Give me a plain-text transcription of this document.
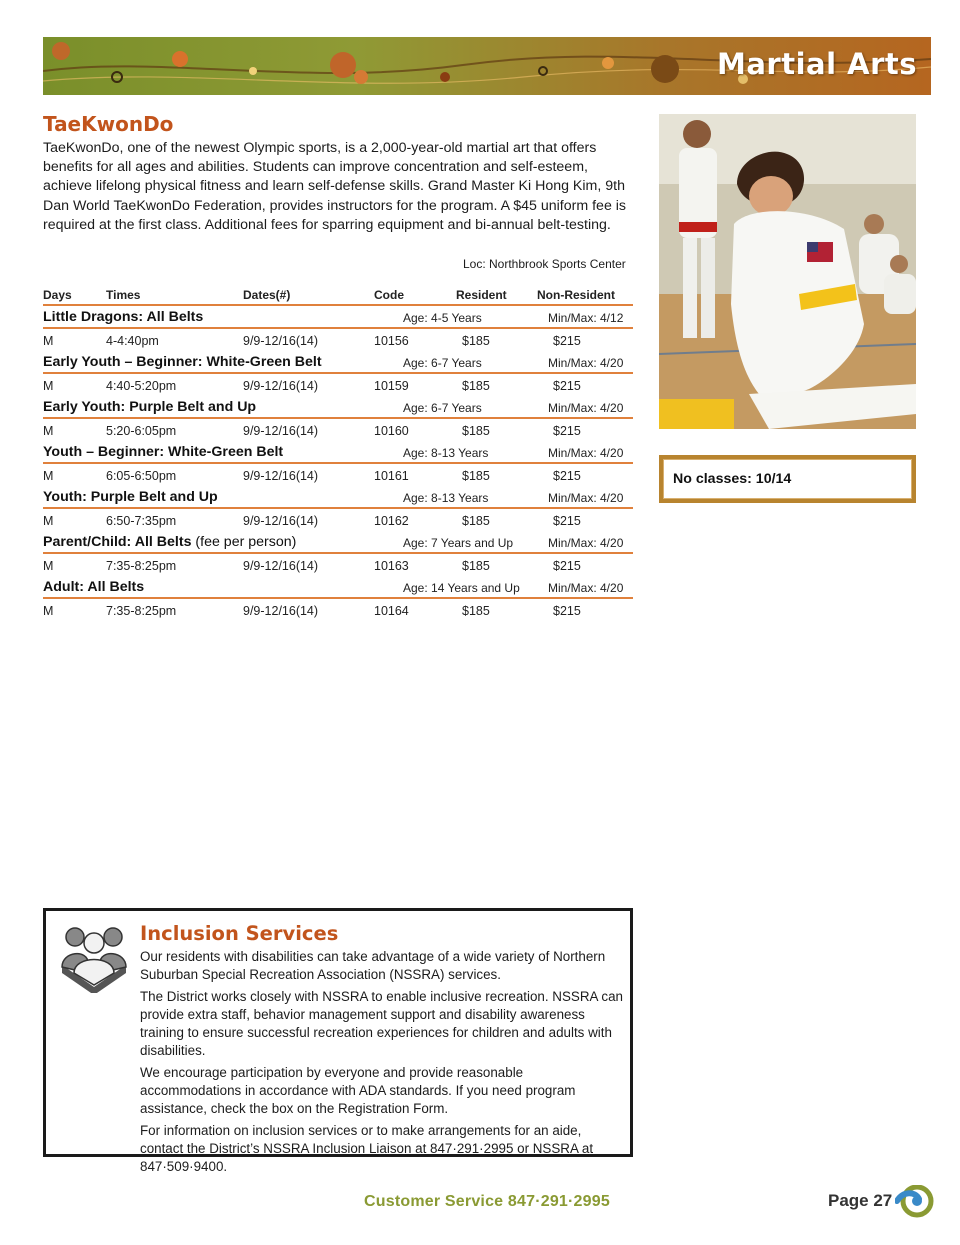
Martial Arts
TaeKwonDo
TaeKwonDo, one of the newest Olympic sports, is a 2,000-year-old martial art that offers benefits for all ages and abilities. Students can improve concentration and self-esteem, achieve lifelong physical fitness and learn self-defense skills. Grand Master Ki Hong Kim, 9th Dan World TaeKwonDo Federation, provides instructors for the program. A $45 uniform fee is required at the first class. Additional fees for sparring equipment and bi-annual belt-testing.
Loc: Northbrook Sports Center
Days	Times	Dates(#)	Code	Resident	Non-Resident
Little Dragons: All Belts	Age: 4-5 Years	Min/Max: 4/12
M	4-4:40pm	9/9-12/16(14)	10156	$185	$215
Early Youth – Beginner: White-Green Belt	Age: 6-7 Years	Min/Max: 4/20
M	4:40-5:20pm	9/9-12/16(14)	10159	$185	$215
Early Youth: Purple Belt and Up	Age: 6-7 Years	Min/Max: 4/20
M	5:20-6:05pm	9/9-12/16(14)	10160	$185	$215
Youth – Beginner: White-Green Belt	Age: 8-13 Years	Min/Max: 4/20
M	6:05-6:50pm	9/9-12/16(14)	10161	$185	$215
Youth: Purple Belt and Up	Age: 8-13 Years	Min/Max: 4/20
M	6:50-7:35pm	9/9-12/16(14)	10162	$185	$215
Parent/Child: All Belts (fee per person)	Age: 7 Years and Up	Min/Max: 4/20
M	7:35-8:25pm	9/9-12/16(14)	10163	$185	$215
Adult: All Belts	Age: 14 Years and Up Min/Max: 4/20
M	7:35-8:25pm	9/9-12/16(14)	10164	$185	$215
No classes: 10/14
Inclusion Services

Our residents with disabilities can take advantage of a wide variety of Northern Suburban Special Recreation Association (NSSRA) services.

The District works closely with NSSRA to enable inclusive recreation. NSSRA can provide extra staff, behavior management support and disability awareness training to ensure successful recreation experiences for children and adults with disabilities.

We encourage participation by everyone and provide reasonable accommodations in accordance with ADA standards. If you need program assistance, check the box on the Registration Form.

For information on inclusion services or to make arrangements for an aide, contact the District’s NSSRA Inclusion Liaison at 847·291·2995 or NSSRA at 847·509·9400.

Customer Service 847·291·2995	Page 27
